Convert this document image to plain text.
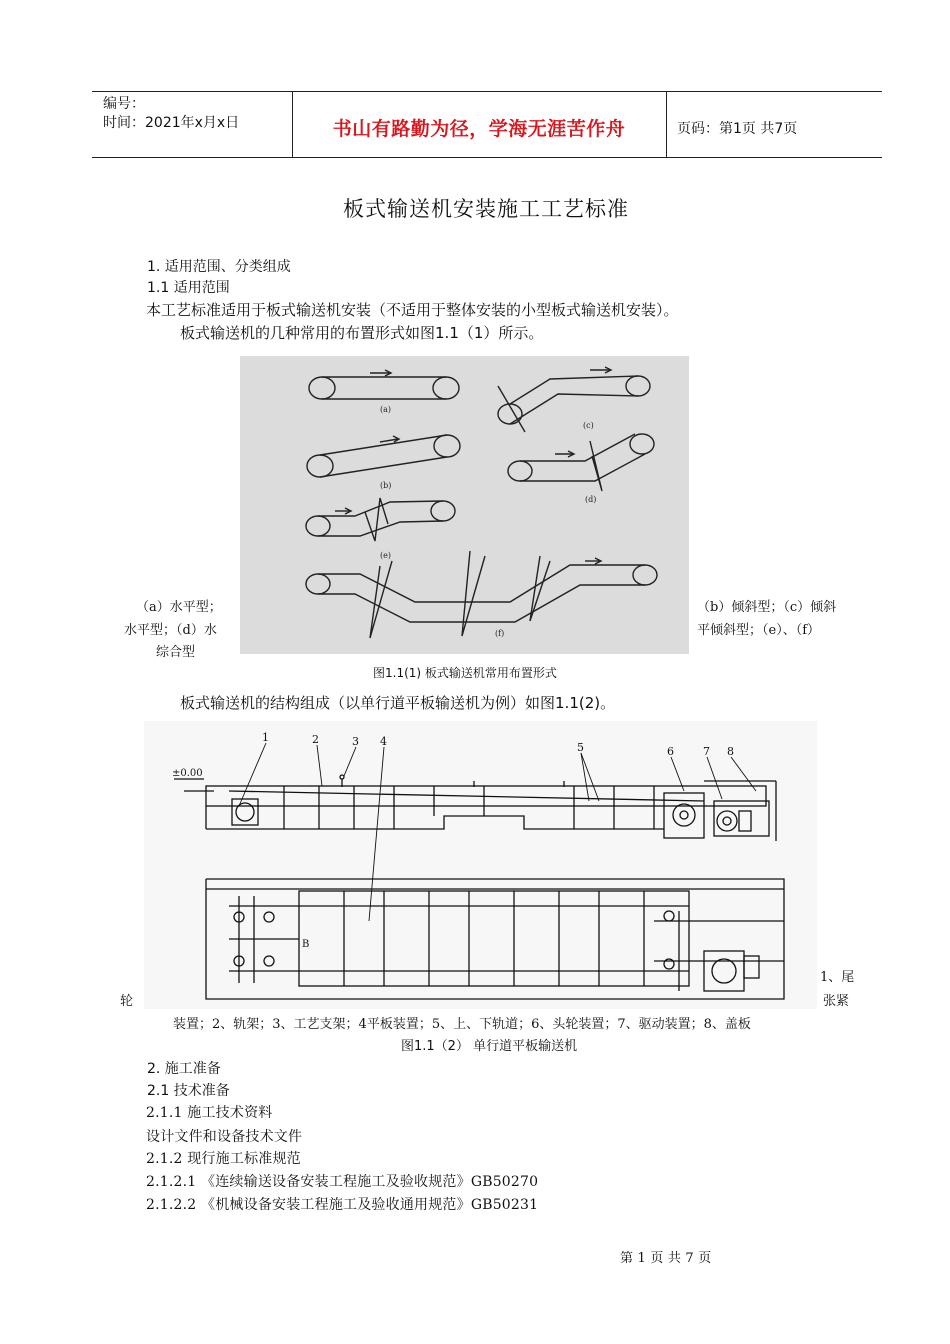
编号：
时间：2021年x月x日	书山有路勤为径，学海无涯苦作舟	页码：第1页 共7页
板式输送机安装施工工艺标准
1. 适用范围、分类组成
1.1 适用范围
本工艺标准适用于板式输送机安装（不适用于整体安装的小型板式输送机安装）。
板式输送机的几种常用的布置形式如图1.1（1）所示。
(a)
(b)
(c)
(d)
(e)
(f)
（a）水平型；
水平型；（d）水
综合型
（b）倾斜型；（c）倾斜
平倾斜型；（e）、（f）
图1.1(1) 板式输送机常用布置形式
板式输送机的结构组成（以单行道平板输送机为例）如图1.1(2)。
±0.00
1	2	3 4	5	6	7 8
B
1、尾
轮	张紧
装置；2、轨架；3、工艺支架；4平板装置；5、上、下轨道；6、头轮装置；7、驱动装置；8、盖板
图1.1（2） 单行道平板输送机
2. 施工准备
2.1 技术准备
2.1.1 施工技术资料
设计文件和设备技术文件
2.1.2 现行施工标准规范
2.1.2.1 《连续输送设备安装工程施工及验收规范》GB50270
2.1.2.2 《机械设备安装工程施工及验收通用规范》GB50231
第 1 页 共 7 页
